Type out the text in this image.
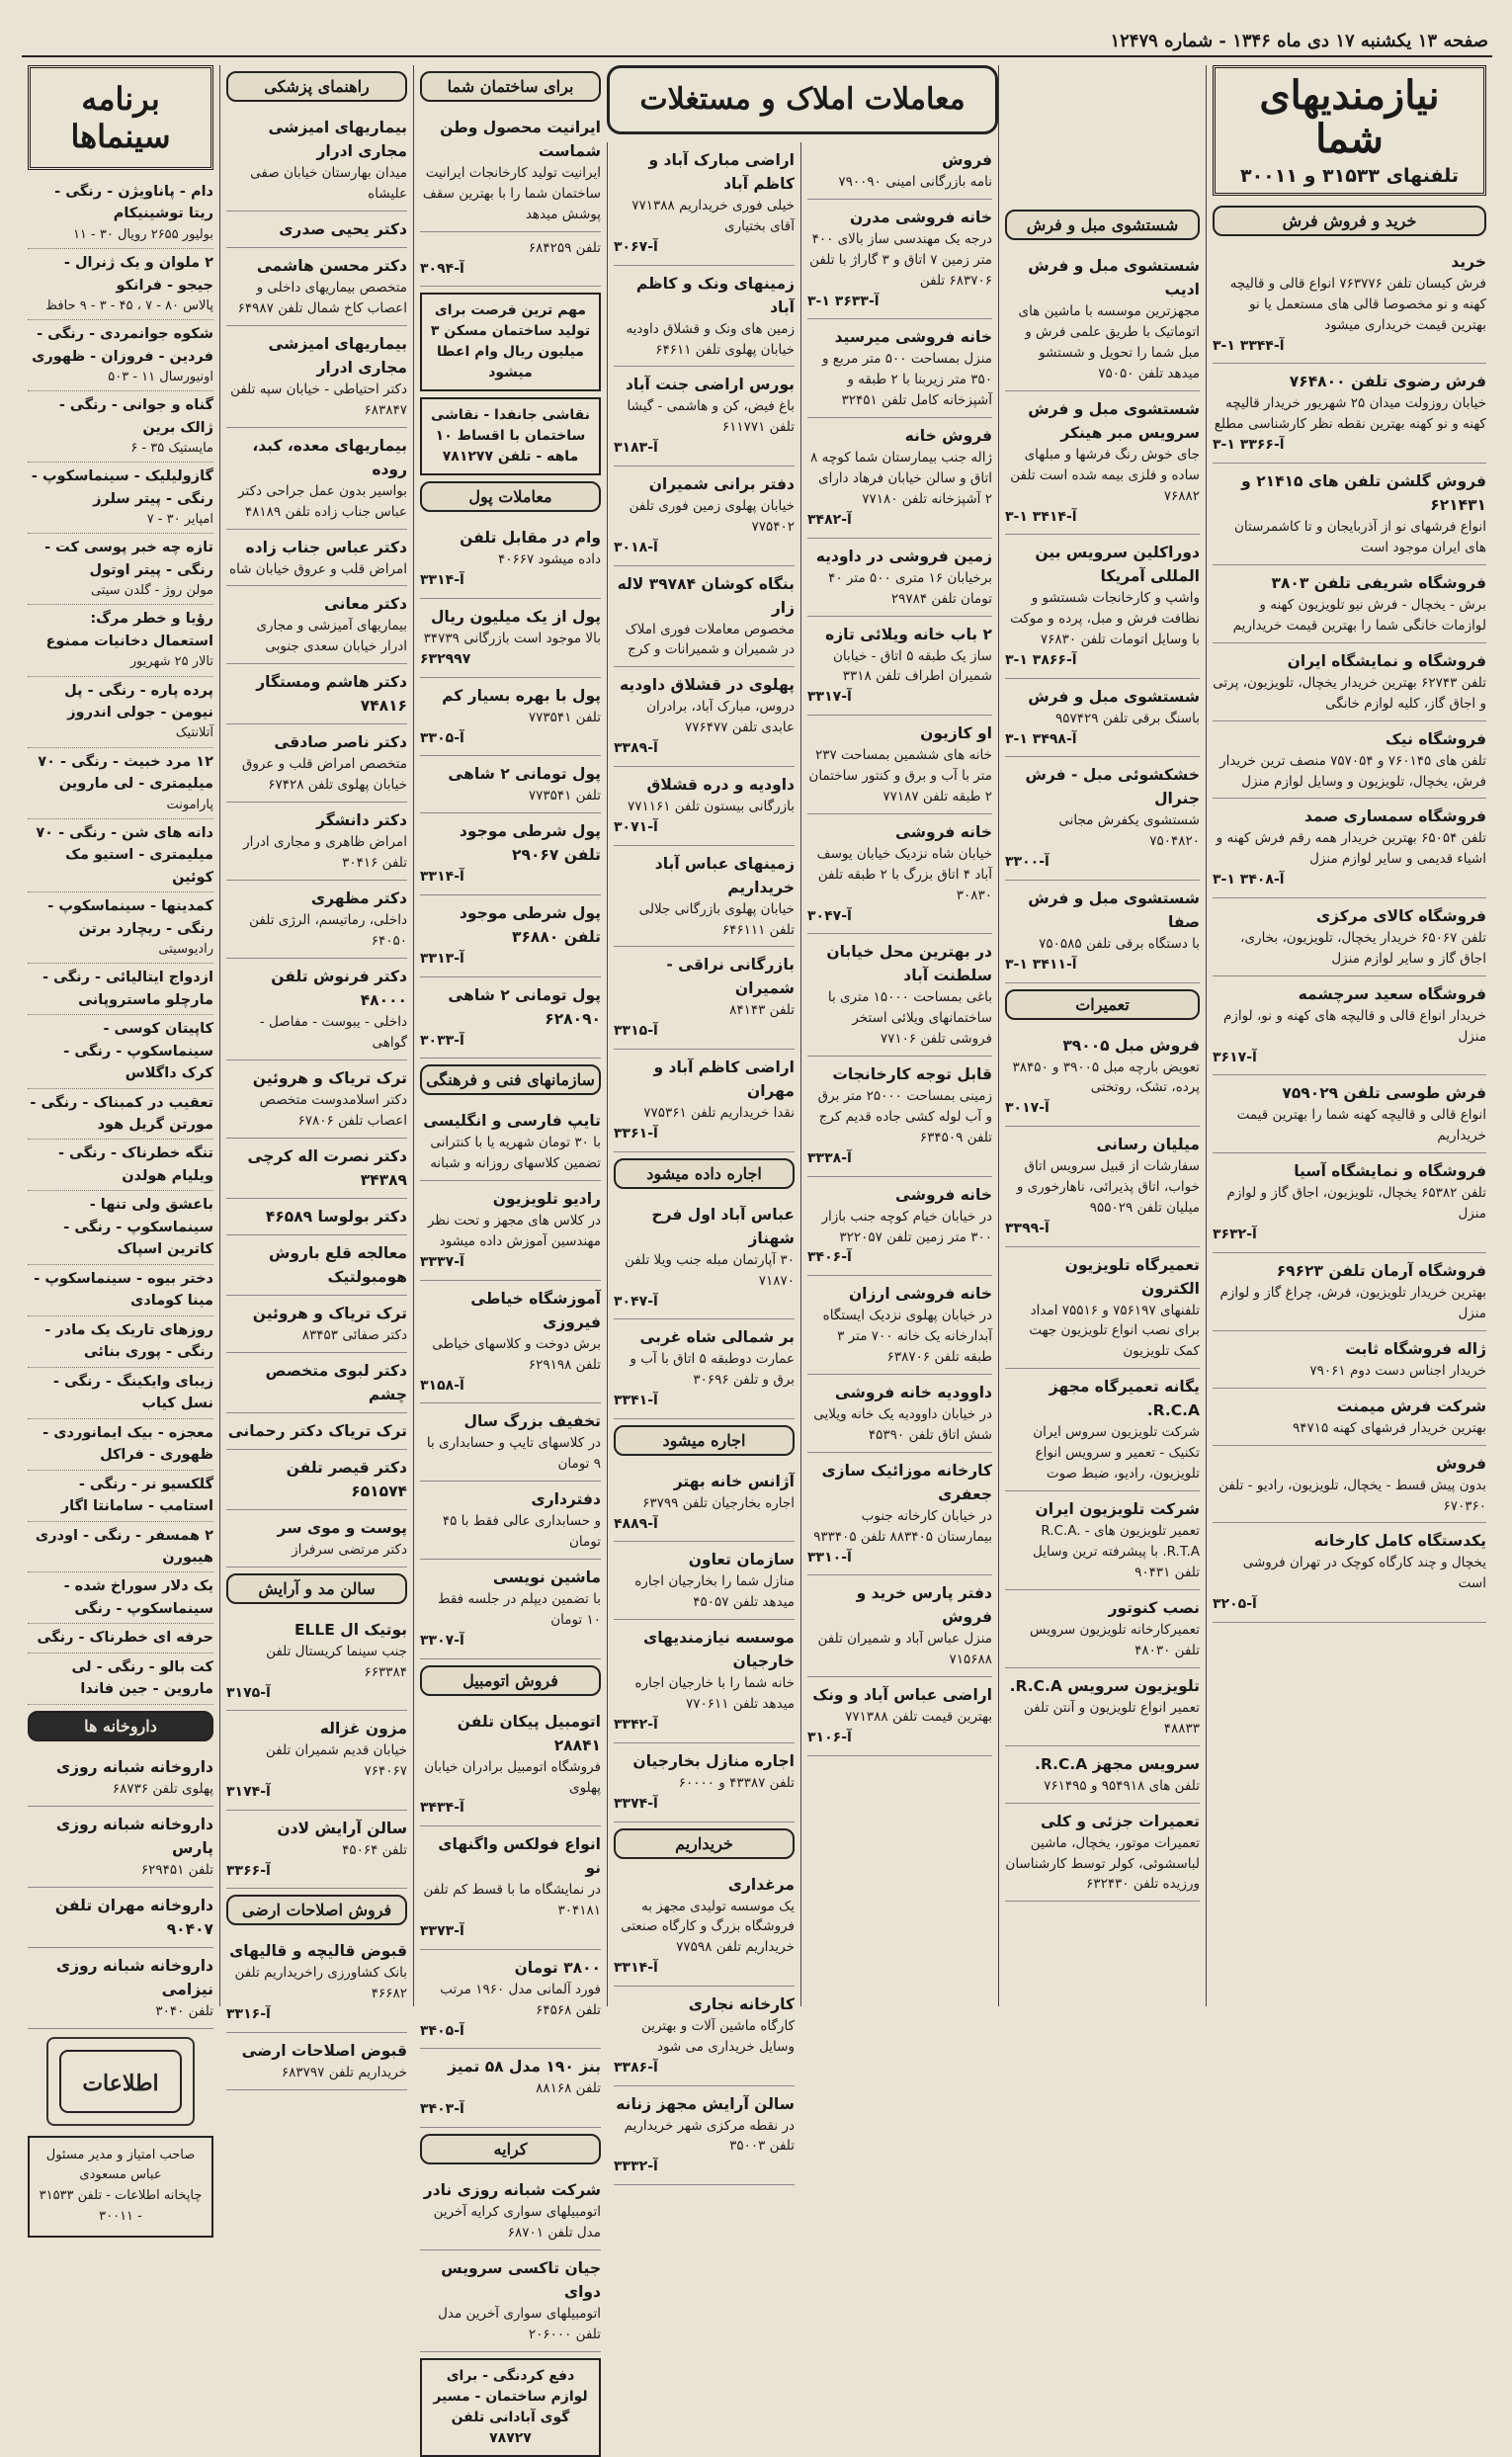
صفحه ۱۳ یکشنبه ۱۷ دی ماه ۱۳۴۶ - شماره ۱۲۴۷۹
نیازمندیهای شما
تلفنهای ۳۱۵۳۳ و ۳۰۰۱۱
خرید و فروش فرش
خرید
فرش کیسان تلفن ۷۶۳۷۷۶ انواع قالی و قالیچه کهنه و نو مخصوصا قالی های مستعمل یا نو بهترین قیمت خریداری میشود
۳-۱ آ-۳۳۴۴
فرش رضوی تلفن ۷۶۴۸۰۰
خیابان روزولت میدان ۲۵ شهریور خریدار قالیچه کهنه و نو کهنه بهترین نقطه نظر کارشناسی مطلع
۳-۱ آ-۳۳۶۶
فروش گلشن تلفن های ۲۱۴۱۵ و ۶۲۱۴۳۱
انواع فرشهای نو از آذربایجان و تا کاشمرستان های ایران موجود است
فروشگاه شریفی تلفن ۳۸۰۳
برش - یخچال - فرش نیو تلویزیون کهنه و لوازمات خانگی شما را بهترین قیمت خریداریم
فروشگاه و نمایشگاه ایران
تلفن ۶۲۷۴۳ بهترین خریدار یخچال، تلویزیون، پرتی و اجاق گاز، کلیه لوازم خانگی
فروشگاه نیک
تلفن های ۷۶۰۱۴۵ و ۷۵۷۰۵۴ منصف ترین خریدار فرش، یخچال، تلویزیون و وسایل لوازم منزل
فروشگاه سمساری صمد
تلفن ۶۵۰۵۴ بهترین خریدار همه رقم فرش کهنه و اشیاء قدیمی و سایر لوازم منزل
۳-۱ آ-۳۴۰۸
فروشگاه کالای مرکزی
تلفن ۶۵۰۶۷ خریدار یخچال، تلویزیون، بخاری، اجاق گاز و سایر لوازم منزل
فروشگاه سعید سرچشمه
خریدار انواع قالی و قالیچه های کهنه و نو، لوازم منزل
آ-۳۶۱۷
فرش طوسی تلفن ۷۵۹۰۲۹
انواع قالی و قالیچه کهنه شما را بهترین قیمت خریداریم
فروشگاه و نمایشگاه آسیا
تلفن ۶۵۳۸۲ یخچال، تلویزیون، اجاق گاز و لوازم منزل
آ-۳۶۳۲
فروشگاه آرمان تلفن ۶۹۶۲۳
بهترین خریدار تلویزیون، فرش، چراغ گاز و لوازم منزل
ژاله فروشگاه ثابت
خریدار اجناس دست دوم ۷۹۰۶۱
شرکت فرش میمنت
بهترین خریدار فرشهای کهنه ۹۴۷۱۵
فروش
بدون پیش قسط - یخچال، تلویزیون، رادیو - تلفن ۶۷۰۳۶۰
یکدستگاه کامل کارخانه
یخچال و چند کارگاه کوچک در تهران فروشی است
آ-۳۲۰۵
شستشوی مبل و فرش
شستشوی مبل و فرش ادیب
مجهزترین موسسه با ماشین های اتوماتیک با طریق علمی فرش و مبل شما را تحویل و شستشو میدهد تلفن ۷۵۰۵۰
شستشوی مبل و فرش سرویس مبر هینکر
جای خوش رنگ فرشها و مبلهای ساده و فلزی بیمه شده است تلفن ۷۶۸۸۲
۳-۱ آ-۳۴۱۴
دوراکلین سرویس بین المللی آمریکا
واشپ و کارخانجات شستشو و نظافت فرش و مبل، پرده و موکت با وسایل اتومات تلفن ۷۶۸۳۰
۳-۱ آ-۳۸۶۶
شستشوی مبل و فرش
باسنگ برقی تلفن ۹۵۷۴۲۹
۳-۱ آ-۳۴۹۸
خشکشوئی مبل - فرش جنرال
شستشوی یکفرش مجانی ۷۵۰۴۸۲۰
آ-۳۳۰۰
شستشوی مبل و فرش صفا
با دستگاه برقی تلفن ۷۵۰۵۸۵
۳-۱ آ-۳۴۱۱
تعمیرات
فروش مبل ۳۹۰۰۵
تعویض بارچه مبل ۳۹۰۰۵ و ۳۸۴۵۰ پرده، تشک، روتختی
آ-۳۰۱۷
میلیان رسانی
سفارشات از قبیل سرویس اتاق خواب، اتاق پذیرائی، ناهارخوری و میلیان تلفن ۹۵۵۰۲۹
آ-۳۳۹۹
تعمیرگاه تلویزیون الکترون
تلفنهای ۷۵۶۱۹۷ و ۷۵۵۱۶ امداد برای نصب انواع تلویزیون جهت کمک تلویزیون
یگانه تعمیرگاه مجهز R.C.A.
شرکت تلویزیون سروس ایران تکنیک - تعمیر و سرویس انواع تلویزیون، رادیو، ضبط صوت
شرکت تلویزیون ایران
تعمیر تلویزیون های R.C.A. - R.T.A. با پیشرفته ترین وسایل تلفن ۹۰۴۳۱
نصب کنوتور
تعمیرکارخانه تلویزیون سرویس تلفن ۴۸۰۳۰
تلویزیون سرویس R.C.A.
تعمیر انواع تلویزیون و آنتن تلفن ۴۸۸۳۳
سرویس مجهز R.C.A.
تلفن های ۹۵۴۹۱۸ و ۷۶۱۴۹۵
تعمیرات جزئی و کلی
تعمیرات موتور، یخچال، ماشین لباسشوئی، کولر توسط کارشناسان ورزیده تلفن ۶۳۲۴۳۰
معاملات املاک و مستغلات
فروش
نامه بازرگانی امینی ۷۹۰۰۹۰
خانه فروشی مدرن
درجه یک مهندسی ساز بالای ۴۰۰ متر زمین ۷ اتاق و ۳ گاراژ با تلفن ۶۸۳۷۰۶ تلفن
۳-۱ آ-۳۶۳۳
خانه فروشی میرسید
منزل بمساحت ۵۰۰ متر مربع و ۳۵۰ متر زیربنا با ۲ طبقه و آشپزخانه کامل تلفن ۳۲۴۵۱
فروش خانه
ژاله جنب بیمارستان شما کوچه ۸ اتاق و سالن خیابان فرهاد دارای ۲ آشپزخانه تلفن ۷۷۱۸۰
آ-۳۴۸۲
زمین فروشی در داودیه
برخیابان ۱۶ متری ۵۰۰ متر ۴۰ تومان تلفن ۲۹۷۸۴
۲ باب خانه ویلائی تازه
ساز یک طبقه ۵ اتاق - خیابان شمیران اطراف تلفن ۳۳۱۸
آ-۳۳۱۷
او کازیون
خانه های ششمین بمساحت ۲۳۷ متر با آب و برق و کنتور ساختمان ۲ طبقه تلفن ۷۷۱۸۷
خانه فروشی
خیابان شاه نزدیک خیابان یوسف آباد ۴ اتاق بزرگ با ۲ طبقه تلفن ۳۰۸۳۰
آ-۳۰۴۷
در بهترین محل خیابان سلطنت آباد
باغی بمساحت ۱۵۰۰۰ متری با ساختمانهای ویلائی استخر فروشی تلفن ۷۷۱۰۶
قابل توجه کارخانجات
زمینی بمساحت ۲۵۰۰۰ متر برق و آب لوله کشی جاده قدیم کرج تلفن ۶۳۴۵۰۹
آ-۳۳۳۸
خانه فروشی
در خیابان خیام کوچه جنب بازار ۳۰۰ متر زمین تلفن ۳۲۲۰۵۷
آ-۳۴۰۶
خانه فروشی ارزان
در خیابان پهلوی نزدیک ایستگاه آبدارخانه یک خانه ۷۰۰ متر ۳ طبقه تلفن ۶۳۸۷۰۶
داوودیه خانه فروشی
در خیابان داوودیه یک خانه ویلایی شش اتاق تلفن ۴۵۳۹۰
کارخانه موزائیک سازی جعفری
در خیابان کارخانه جنوب بیمارستان ۸۸۳۴۰۵ تلفن ۹۳۳۴۰۵
آ-۳۳۱۰
دفتر پارس خرید و فروش
منزل عباس آباد و شمیران تلفن ۷۱۵۶۸۸
اراضی عباس آباد و ونک
بهترین قیمت تلفن ۷۷۱۳۸۸
آ-۳۱۰۶
اراضی مبارک آباد و کاظم آباد
خیلی فوری خریداریم ۷۷۱۳۸۸ آقای بختیاری
آ-۳۰۶۷
زمینهای ونک و کاظم آباد
زمین های ونک و قشلاق داودیه خیابان پهلوی تلفن ۶۴۶۱۱
بورس اراضی جنت آباد
باغ فیض، کن و هاشمی - گیشا تلفن ۶۱۱۷۷۱
آ-۳۱۸۳
دفتر برانی شمیران
خیابان پهلوی زمین فوری تلفن ۷۷۵۴۰۲
آ-۳۰۱۸
بنگاه کوشان ۳۹۷۸۴ لاله زار
مخصوص معاملات فوری املاک در شمیران و شمیرانات و کرج
پهلوی در قشلاق داودیه
دروس، مبارک آباد، برادران عابدی تلفن ۷۷۶۴۷۷
آ-۳۳۸۹
داودیه و دره قشلاق
بازرگانی بیستون تلفن ۷۷۱۱۶۱
آ-۳۰۷۱
زمینهای عباس آباد خریداریم
خیابان پهلوی بازرگانی جلالی تلفن ۶۴۶۱۱۱
بازرگانی نراقی - شمیران
تلفن ۸۴۱۴۳
آ-۳۳۱۵
اراضی کاظم آباد و مهران
نقدا خریداریم تلفن ۷۷۵۳۶۱
آ-۳۳۶۱
اجاره داده میشود
عباس آباد اول فرح شهناز
۳۰ آپارتمان مبله جنب ویلا تلفن ۷۱۸۷۰
آ-۳۰۴۷
بر شمالی شاه غربی
عمارت دوطبقه ۵ اتاق با آب و برق و تلفن ۳۰۶۹۶
آ-۳۳۴۱
اجاره میشود
آژانس خانه بهتر
اجاره بخارجیان تلفن ۶۳۷۹۹
آ-۴۸۸۹
سازمان تعاون
منازل شما را بخارجیان اجاره میدهد تلفن ۴۵۰۵۷
موسسه نیازمندیهای خارجیان
خانه شما را با خارجیان اجاره میدهد تلفن ۷۷۰۶۱۱
آ-۳۳۴۲
اجاره منازل بخارجیان
تلفن ۴۳۳۸۷ و ۶۰۰۰۰
آ-۳۳۷۴
خریداریم
مرغداری
یک موسسه تولیدی مجهز به فروشگاه بزرگ و کارگاه صنعتی خریداریم تلفن ۷۷۵۹۸
آ-۳۳۱۴
کارخانه نجاری
کارگاه ماشین آلات و بهترین وسایل خریداری می شود
آ-۳۳۸۶
سالن آرایش مجهز زنانه
در نقطه مرکزی شهر خریداریم تلفن ۳۵۰۰۳
آ-۳۳۳۲
برای ساختمان شما
ایرانیت محصول وطن شماست
ایرانیت تولید کارخانجات ایرانیت ساختمان شما را با بهترین سقف پوشش میدهد
تلفن ۶۸۴۲۵۹
آ-۳۰۹۴
مهم ترین فرصت برای تولید ساختمان مسکن ۳ میلیون ریال وام اعطا میشود
نقاشی جانفدا - نقاشی ساختمان با اقساط ۱۰ ماهه - تلفن ۷۸۱۲۷۷
معاملات پول
وام در مقابل تلفن
داده میشود ۴۰۶۶۷
آ-۳۳۱۴
پول از یک میلیون ریال
بالا موجود است بازرگانی ۳۴۷۳۹
۶۳۲۹۹۷
پول با بهره بسیار کم
تلفن ۷۷۳۵۴۱
آ-۳۳۰۵
پول تومانی ۲ شاهی
تلفن ۷۷۳۵۴۱
پول شرطی موجود تلفن ۲۹۰۶۷
آ-۳۳۱۴
پول شرطی موجود تلفن ۳۶۸۸۰
آ-۳۳۱۳
پول تومانی ۲ شاهی ۶۲۸۰۹۰
آ-۳۰۳۳
سازمانهای فنی و فرهنگی
تایپ فارسی و انگلیسی
با ۳۰ تومان شهریه یا با کنترانی تضمین کلاسهای روزانه و شبانه
رادیو تلویزیون
در کلاس های مجهز و تحت نظر مهندسین آموزش داده میشود
آ-۳۳۳۷
آموزشگاه خیاطی فیروزی
برش دوخت و کلاسهای خیاطی تلفن ۶۲۹۱۹۸
آ-۳۱۵۸
تخفیف بزرگ سال
در کلاسهای تایپ و حسابداری با ۹ تومان
دفترداری
و حسابداری عالی فقط با ۴۵ تومان
ماشین نویسی
با تضمین دیپلم در جلسه فقط ۱۰ تومان
آ-۳۳۰۷
فروش اتومبیل
اتومبیل پیکان تلفن ۲۸۸۴۱
فروشگاه اتومبیل برادران خیابان پهلوی
آ-۳۴۳۴
انواع فولکس واگنهای نو
در نمایشگاه ما با قسط کم تلفن ۳۰۴۱۸۱
آ-۳۳۷۳
۳۸۰۰ تومان
فورد آلمانی مدل ۱۹۶۰ مرتب تلفن ۶۴۵۶۸
آ-۳۴۰۵
بنز ۱۹۰ مدل ۵۸ تمیز
تلفن ۸۸۱۶۸
آ-۳۴۰۳
کرایه
شرکت شبانه روزی نادر
اتومبیلهای سواری کرایه آخرین مدل تلفن ۶۸۷۰۱
جیان تاکسی سرویس دوای
اتومبیلهای سواری آخرین مدل تلفن ۲۰۶۰۰۰
دفع کردنگی - برای لوازم ساختمان - مسیر گوی آبادانی تلفن ۷۸۷۲۷
راهنمای پزشکی
بیماریهای امیزشی مجاری ادرار
میدان بهارستان خیابان صفی علیشاه
دکتر یحیی صدری
دکتر محسن هاشمی
متخصص بیماریهای داخلی و اعصاب کاخ شمال تلفن ۶۴۹۸۷
بیماریهای امیزشی مجاری ادرار
دکتر احتیاطی - خیابان سپه تلفن ۶۸۳۸۴۷
بیماریهای معده، کبد، روده
بواسیر بدون عمل جراحی دکتر عباس جناب زاده تلفن ۴۸۱۸۹
دکتر عباس جناب زاده
امراض قلب و عروق خیابان شاه
دکتر معانی
بیماریهای آمیزشی و مجاری ادرار خیابان سعدی جنوبی
دکتر هاشم ومستگار ۷۴۸۱۶
دکتر ناصر صادقی
متخصص امراض قلب و عروق خیابان پهلوی تلفن ۶۷۴۲۸
دکتر دانشگر
امراض ظاهری و مجاری ادرار تلفن ۳۰۴۱۶
دکتر مظهری
داخلی، رماتیسم، الرژی تلفن ۶۴۰۵۰
دکتر فرنوش تلفن ۴۸۰۰۰
داخلی - یبوست - مفاصل - گواهی
ترک تریاک و هروئین
دکتر اسلامدوست متخصص اعصاب تلفن ۶۷۸۰۶
دکتر نصرت اله کرچی ۳۴۳۸۹
دکتر بولوسا ۴۶۵۸۹
معالجه قلع باروش هومبولتیک
ترک تریاک و هروئین
دکتر صفائی ۸۳۴۵۳
دکتر لبوی متخصص چشم
ترک تریاک دکتر رحمانی
دکتر قیصر تلفن ۶۵۱۵۷۴
پوست و موی سر
دکتر مرتضی سرفراز
سالن مد و آرایش
بوتیک ال ELLE
جنب سینما کریستال تلفن ۶۶۳۳۸۴
آ-۳۱۷۵
مزون غزاله
خیابان قدیم شمیران تلفن ۷۶۴۰۶۷
آ-۳۱۷۴
سالن آرایش لادن
تلفن ۴۵۰۶۴
آ-۳۳۶۶
فروش اصلاحات ارضی
قبوض قالیچه و قالیهای
بانک کشاورزی راخریداریم تلفن ۴۶۶۸۲
آ-۳۳۱۶
قبوض اصلاحات ارضی
خریداریم تلفن ۶۸۳۷۹۷
برنامه سینماها
دام - پاناویژن - رنگی - ریتا توشینیکام
بولیور ۲۶۵۵ رویال ۳۰ - ۱۱
۲ ملوان و یک ژنرال - جیجو - فرانکو
پالاس ۸۰ - ۷ ، ۴۵ - ۳ - ۹ حافظ
شکوه جوانمردی - رنگی - فردین - فروزان - ظهوری
اونیورسال ۱۱ - ۵۰۳
گناه و جوانی - رنگی - ژالک برین
مایستیک ۳۵ - ۶
گازولیلیک - سینماسکوپ - رنگی - پیتر سلرز
امپایر ۳۰ - ۷
تازه چه خبر پوسی کت - رنگی - پیتر اوتول
مولن روژ - گلدن سیتی
رؤیا و خطر مرگ: استعمال دخانیات ممنوع
تالار ۲۵ شهریور
پرده پاره - رنگی - پل نیومن - جولی اندروز
آتلانتیک
۱۲ مرد خبیث - رنگی - ۷۰ میلیمتری - لی ماروین
پارامونت
دانه های شن - رنگی - ۷۰ میلیمتری - استیو مک کوئین
کمدینها - سینماسکوپ - رنگی - ریچارد برتن
رادیوسیتی
ازدواج ایتالیائی - رنگی - مارچلو ماستروپانی
کاپیتان کوسی - سینماسکوپ - رنگی - کرک داگلاس
تعقیب در کمبناک - رنگی - مورتن گریل هود
تنگه خطرناک - رنگی - ویلیام هولدن
باعشق ولی تنها - سینماسکوپ - رنگی - کاترین اسپاک
دختر بیوه - سینماسکوپ - مینا کومادی
روزهای تاریک یک مادر - رنگی - پوری بنائی
زیبای وایکینگ - رنگی - نسل کیاب
معجزه - بیک ایمانوردی - ظهوری - فراکل
گلکسیو نر - رنگی - استامب - سامانتا اگار
۲ همسفر - رنگی - اودری هیبورن
یک دلار سوراخ شده - سینماسکوپ - رنگی
حرفه ای خطرناک - رنگی
کت بالو - رنگی - لی ماروین - جین فاندا
داروخانه ها
داروخانه شبانه روزی
پهلوی تلفن ۶۸۷۳۶
داروخانه شبانه روزی پارس
تلفن ۶۲۹۴۵۱
داروخانه مهران تلفن ۹۰۴۰۷
داروخانه شبانه روزی نیزامی
تلفن ۳۰۴۰
اطلاعات
صاحب امتیاز و مدیر مسئول عباس مسعودی
چاپخانه اطلاعات - تلفن ۳۱۵۳۳ - ۳۰۰۱۱
